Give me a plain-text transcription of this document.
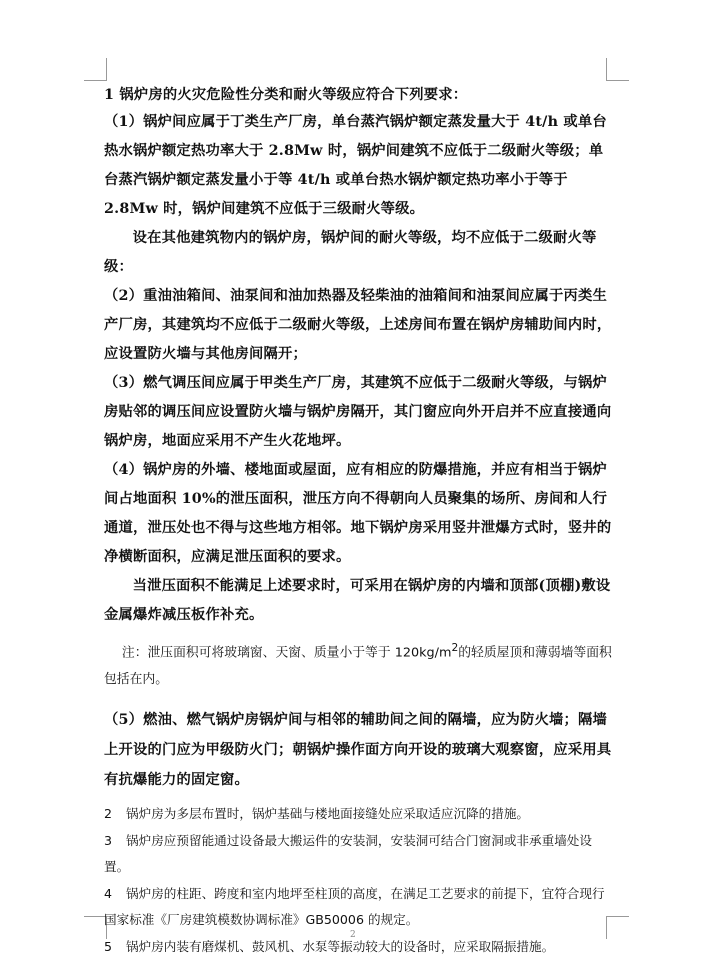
1 锅炉房的火灾危险性分类和耐火等级应符合下列要求：

（1）锅炉间应属于丁类生产厂房，单台蒸汽锅炉额定蒸发量大于 4t/h 或单台热水锅炉额定热功率大于 2.8Mw 时，锅炉间建筑不应低于二级耐火等级；单台蒸汽锅炉额定蒸发量小于等 4t/h 或单台热水锅炉额定热功率小于等于 2.8Mw 时，锅炉间建筑不应低于三级耐火等级。

设在其他建筑物内的锅炉房，锅炉间的耐火等级，均不应低于二级耐火等级：

（2）重油油箱间、油泵间和油加热器及轻柴油的油箱间和油泵间应属于丙类生产厂房，其建筑均不应低于二级耐火等级，上述房间布置在锅炉房辅助间内时，应设置防火墙与其他房间隔开；

（3）燃气调压间应属于甲类生产厂房，其建筑不应低于二级耐火等级，与锅炉房贴邻的调压间应设置防火墙与锅炉房隔开，其门窗应向外开启并不应直接通向锅炉房，地面应采用不产生火花地坪。

（4）锅炉房的外墙、楼地面或屋面，应有相应的防爆措施，并应有相当于锅炉间占地面积 10%的泄压面积，泄压方向不得朝向人员聚集的场所、房间和人行通道，泄压处也不得与这些地方相邻。地下锅炉房采用竖井泄爆方式时，竖井的净横断面积，应满足泄压面积的要求。

当泄压面积不能满足上述要求时，可采用在锅炉房的内墙和顶部(顶棚)敷设金属爆炸减压板作补充。

注：泄压面积可将玻璃窗、天窗、质量小于等于 $120kg/m^2$的轻质屋顶和薄弱墙等面积包括在内。

（5）燃油、燃气锅炉房锅炉间与相邻的辅助间之间的隔墙，应为防火墙；隔墙上开设的门应为甲级防火门；朝锅炉操作面方向开设的玻璃大观察窗，应采用具有抗爆能力的固定窗。

2 锅炉房为多层布置时，锅炉基础与楼地面接缝处应采取适应沉降的措施。

3 锅炉房应预留能通过设备最大搬运件的安装洞，安装洞可结合门窗洞或非承重墙处设置。

4 锅炉房的柱距、跨度和室内地坪至柱顶的高度，在满足工艺要求的前提下，宜符合现行国家标准《厂房建筑模数协调标准》GB50006 的规定。

5 锅炉房内装有磨煤机、鼓风机、水泵等振动较大的设备时，应采取隔振措施。

2
